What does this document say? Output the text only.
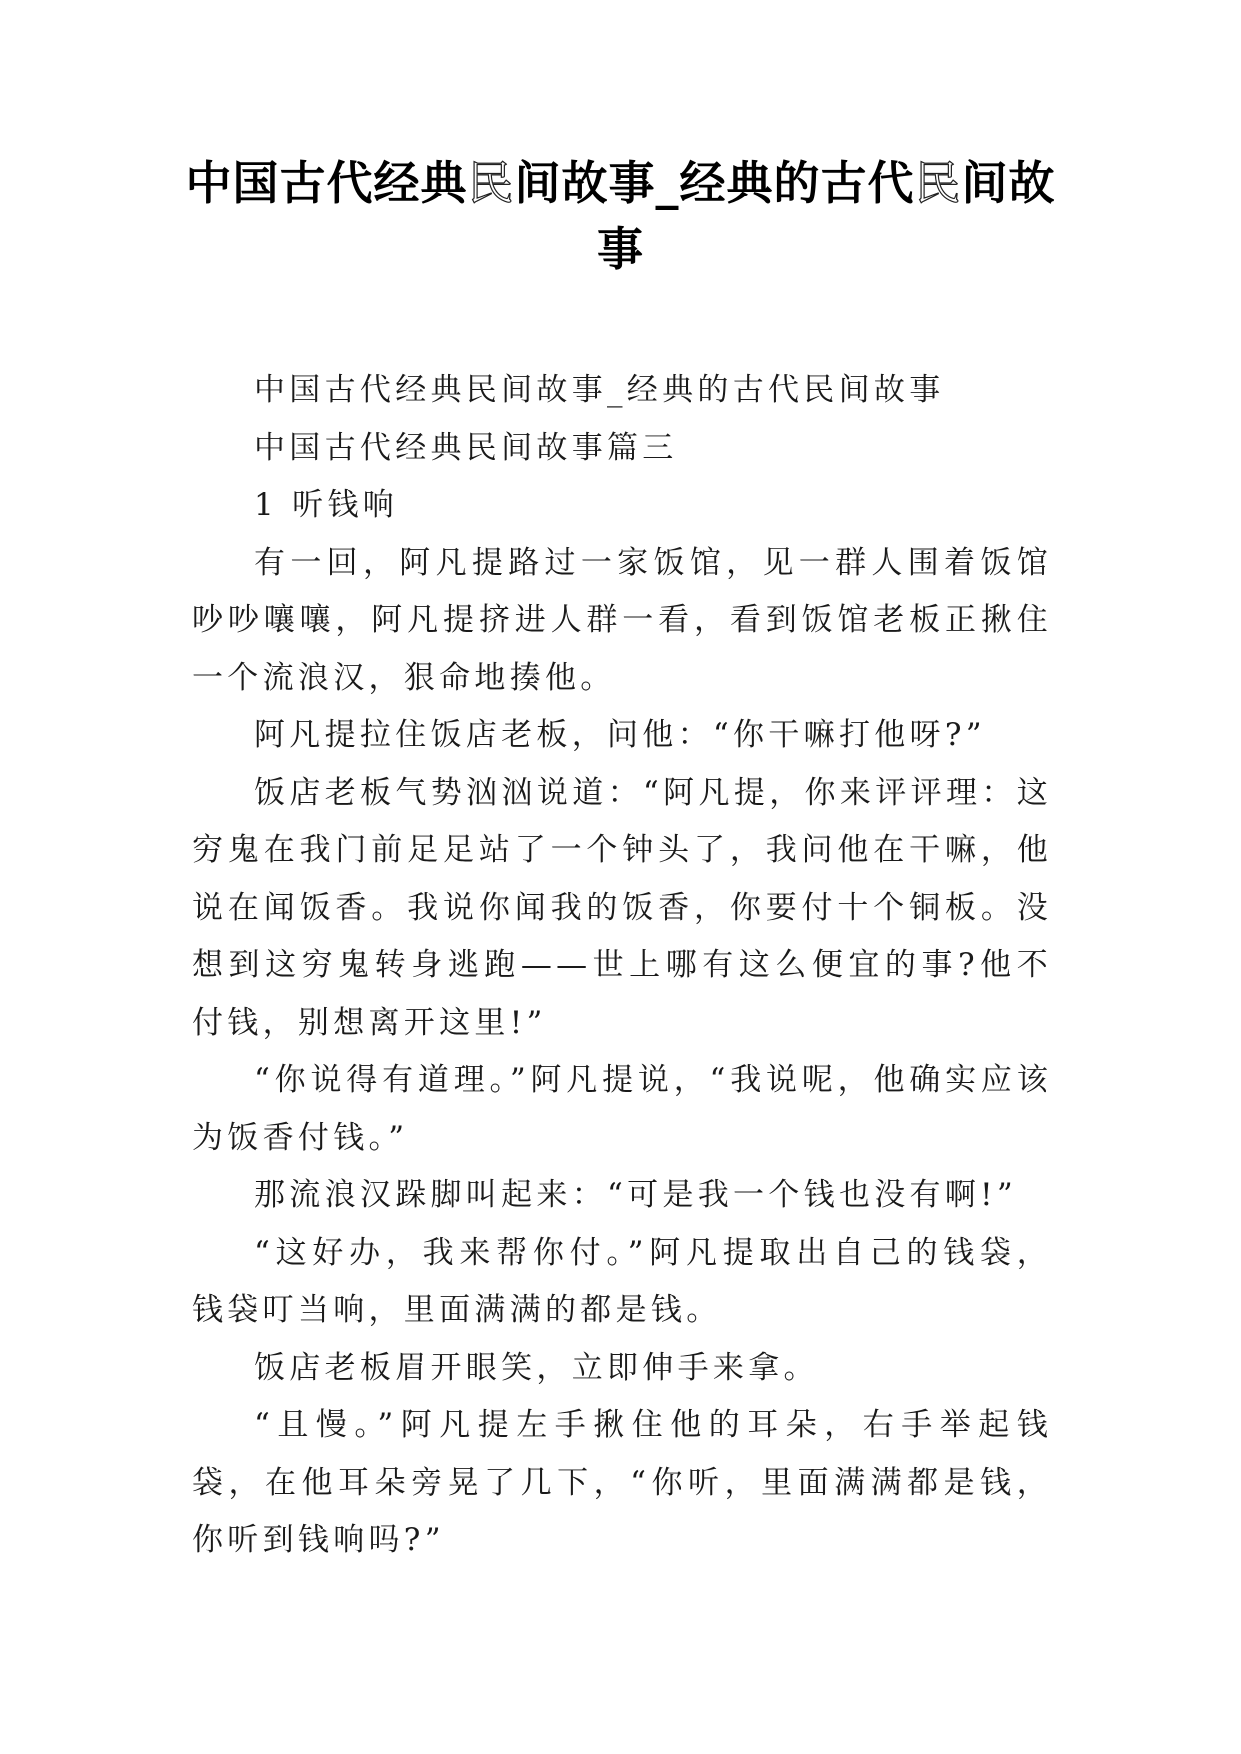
中国古代经典民间故事_经典的古代民间故事

中国古代经典民间故事_经典的古代民间故事

中国古代经典民间故事篇三

1 听钱响

有一回，阿凡提路过一家饭馆，见一群人围着饭馆吵吵嚷嚷，阿凡提挤进人群一看，看到饭馆老板正揪住一个流浪汉，狠命地揍他。

阿凡提拉住饭店老板，问他：“你干嘛打他呀?”

饭店老板气势汹汹说道：“阿凡提，你来评评理：这穷鬼在我门前足足站了一个钟头了，我问他在干嘛，他说在闻饭香。我说你闻我的饭香，你要付十个铜板。没想到这穷鬼转身逃跑——世上哪有这么便宜的事?他不付钱，别想离开这里!”

“你说得有道理。”阿凡提说，“我说呢，他确实应该为饭香付钱。”

那流浪汉跺脚叫起来：“可是我一个钱也没有啊!”

“这好办，我来帮你付。”阿凡提取出自己的钱袋，钱袋叮当响，里面满满的都是钱。

饭店老板眉开眼笑，立即伸手来拿。

“且慢。”阿凡提左手揪住他的耳朵，右手举起钱袋，在他耳朵旁晃了几下，“你听，里面满满都是钱，你听到钱响吗?”
